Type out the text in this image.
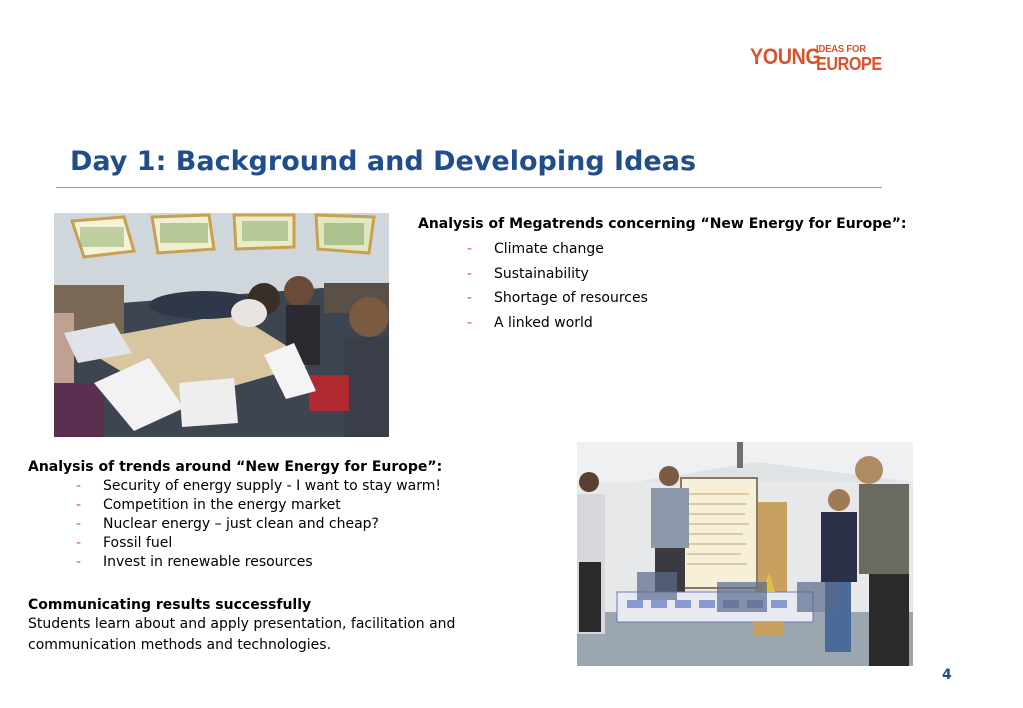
YOUNG
IDEAS FOR
EUROPE
Day 1: Background and Developing Ideas
Analysis of Megatrends concerning “New Energy for Europe”:
- Climate change
- Sustainability
- Shortage of resources
- A linked world
Analysis of trends around “New Energy for Europe”:
- Security of energy supply - I want to stay warm!
- Competition in the energy market
- Nuclear energy – just clean and cheap?
- Fossil fuel
- Invest in renewable resources
Communicating results successfully
Students learn about and apply presentation, facilitation and
communication methods and technologies.
4
